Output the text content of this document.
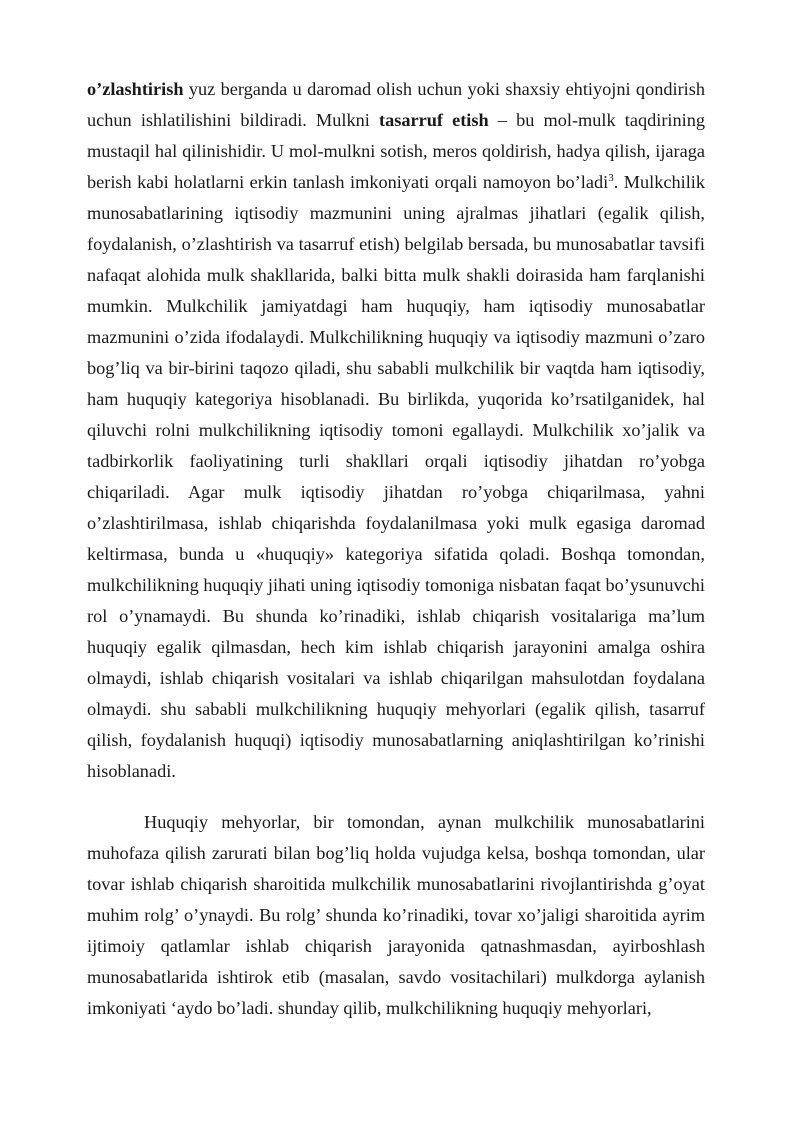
o’zlashtirish yuz berganda u daromad olish uchun yoki shaxsiy ehtiyojni qondirish uchun ishlatilishini bildiradi. Mulkni tasarruf etish – bu mol-mulk taqdirining mustaqil hal qilinishidir. U mol-mulkni sotish, meros qoldirish, hadya qilish, ijaraga berish kabi holatlarni erkin tanlash imkoniyati orqali namoyon bo’ladi$^3$. Mulkchilik munosabatlarining iqtisodiy mazmunini uning ajralmas jihatlari (egalik qilish, foydalanish, o’zlashtirish va tasarruf etish) belgilab bersada, bu munosabatlar tavsifi nafaqat alohida mulk shakllarida, balki bitta mulk shakli doirasida ham farqlanishi mumkin. Mulkchilik jamiyatdagi ham huquqiy, ham iqtisodiy munosabatlar mazmunini o’zida ifodalaydi. Mulkchilikning huquqiy va iqtisodiy mazmuni o’zaro bog’liq va bir-birini taqozo qiladi, shu sababli mulkchilik bir vaqtda ham iqtisodiy, ham huquqiy kategoriya hisoblanadi. Bu birlikda, yuqorida ko’rsatilganidek, hal qiluvchi rolni mulkchilikning iqtisodiy tomoni egallaydi. Mulkchilik xo’jalik va tadbirkorlik faoliyatining turli shakllari orqali iqtisodiy jihatdan ro’yobga chiqariladi. Agar mulk iqtisodiy jihatdan ro’yobga chiqarilmasa, yahni o’zlashtirilmasa, ishlab chiqarishda foydalanilmasa yoki mulk egasiga daromad keltirmasa, bunda u «huquqiy» kategoriya sifatida qoladi. Boshqa tomondan, mulkchilikning huquqiy jihati uning iqtisodiy tomoniga nisbatan faqat bo’ysunuvchi rol o’ynamaydi. Bu shunda ko’rinadiki, ishlab chiqarish vositalariga ma’lum huquqiy egalik qilmasdan, hech kim ishlab chiqarish jarayonini amalga oshira olmaydi, ishlab chiqarish vositalari va ishlab chiqarilgan mahsulotdan foydalana olmaydi. shu sababli mulkchilikning huquqiy mehyorlari (egalik qilish, tasarruf qilish, foydalanish huquqi) iqtisodiy munosabatlarning aniqlashtirilgan ko’rinishi hisoblanadi.

Huquqiy mehyorlar, bir tomondan, aynan mulkchilik munosabatlarini muhofaza qilish zarurati bilan bog’liq holda vujudga kelsa, boshqa tomondan, ular tovar ishlab chiqarish sharoitida mulkchilik munosabatlarini rivojlantirishda g’oyat muhim rolg’ o’ynaydi. Bu rolg’ shunda ko’rinadiki, tovar xo’jaligi sharoitida ayrim ijtimoiy qatlamlar ishlab chiqarish jarayonida qatnashmasdan, ayirboshlash munosabatlarida ishtirok etib (masalan, savdo vositachilari) mulkdorga aylanish imkoniyati ‘aydo bo’ladi. shunday qilib, mulkchilikning huquqiy mehyorlari,
